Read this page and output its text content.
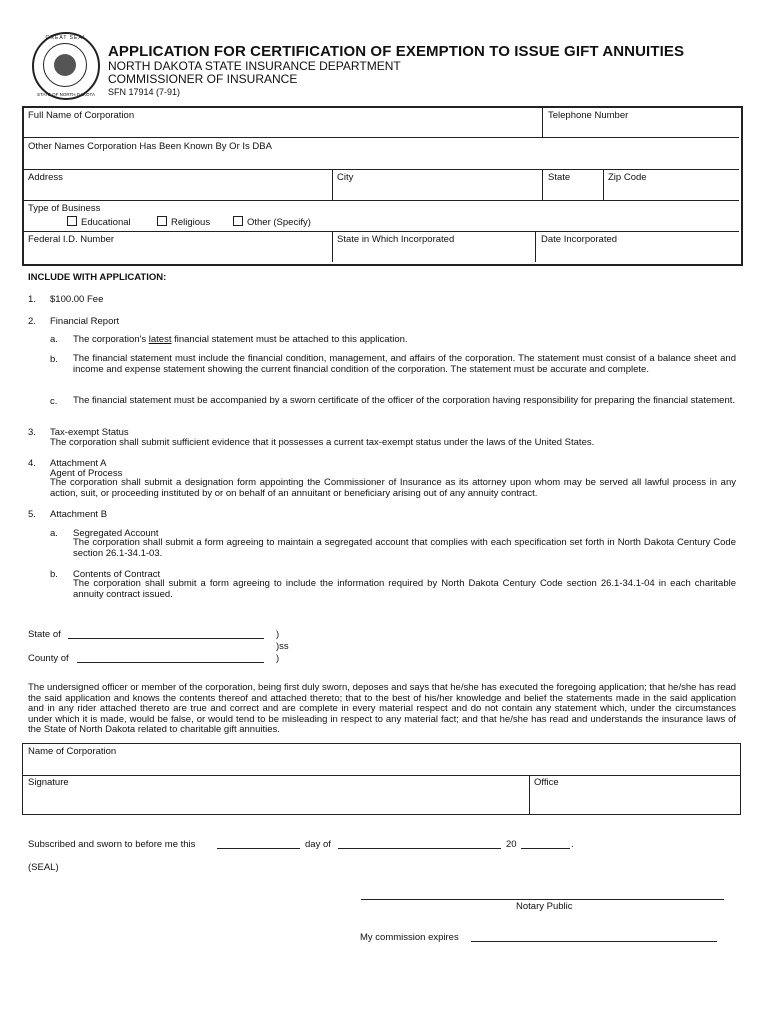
GREAT SEAL
STATE OF NORTH DAKOTA
APPLICATION FOR CERTIFICATION OF EXEMPTION TO ISSUE GIFT ANNUITIES
NORTH DAKOTA STATE INSURANCE DEPARTMENT
COMMISSIONER OF INSURANCE
SFN 17914 (7-91)
Full Name of Corporation	Telephone Number
Other Names Corporation Has Been Known By Or Is DBA
Address	City	State	Zip Code
Type of Business
Educational	Religious	Other (Specify)
Federal I.D. Number	State in Which Incorporated	Date Incorporated
INCLUDE WITH APPLICATION:
1. $100.00 Fee
2. Financial Report
a. The corporation's latest financial statement must be attached to this application.
b. The financial statement must include the financial condition, management, and affairs of the corporation. The statement must consist of a balance sheet and income and expense statement showing the current financial condition of the corporation. The statement must be accurate and complete.
c. The financial statement must be accompanied by a sworn certificate of the officer of the corporation having responsibility for preparing the financial statement.
3. Tax-exempt Status
The corporation shall submit sufficient evidence that it possesses a current tax-exempt status under the laws of the United States.
4. Attachment A
Agent of Process
The corporation shall submit a designation form appointing the Commissioner of Insurance as its attorney upon whom may be served all lawful process in any action, suit, or proceeding instituted by or on behalf of an annuitant or beneficiary arising out of any annuity contract.
5. Attachment B
a. Segregated Account
The corporation shall submit a form agreeing to maintain a segregated account that complies with each specification set forth in North Dakota Century Code section 26.1-34.1-03.
b. Contents of Contract
The corporation shall submit a form agreeing to include the information required by North Dakota Century Code section 26.1-34.1-04 in each charitable annuity contract issued.
State of
County of
)
)ss
)
The undersigned officer or member of the corporation, being first duly sworn, deposes and says that he/she has executed the foregoing application; that he/she has read the said application and knows the contents thereof and attached thereto; that to the best of his/her knowledge and belief the statements made in the said application and in any rider attached thereto are true and correct and are complete in every material respect and do not contain any statement which, under the circumstances under which it is made, would be false, or would tend to be misleading in respect to any material fact; and that he/she has read and understands the insurance laws of the State of North Dakota related to charitable gift annuities.
Name of Corporation
Signature	Office
Subscribed and sworn to before me this	day of	20	.
(SEAL)
Notary Public
My commission expires
